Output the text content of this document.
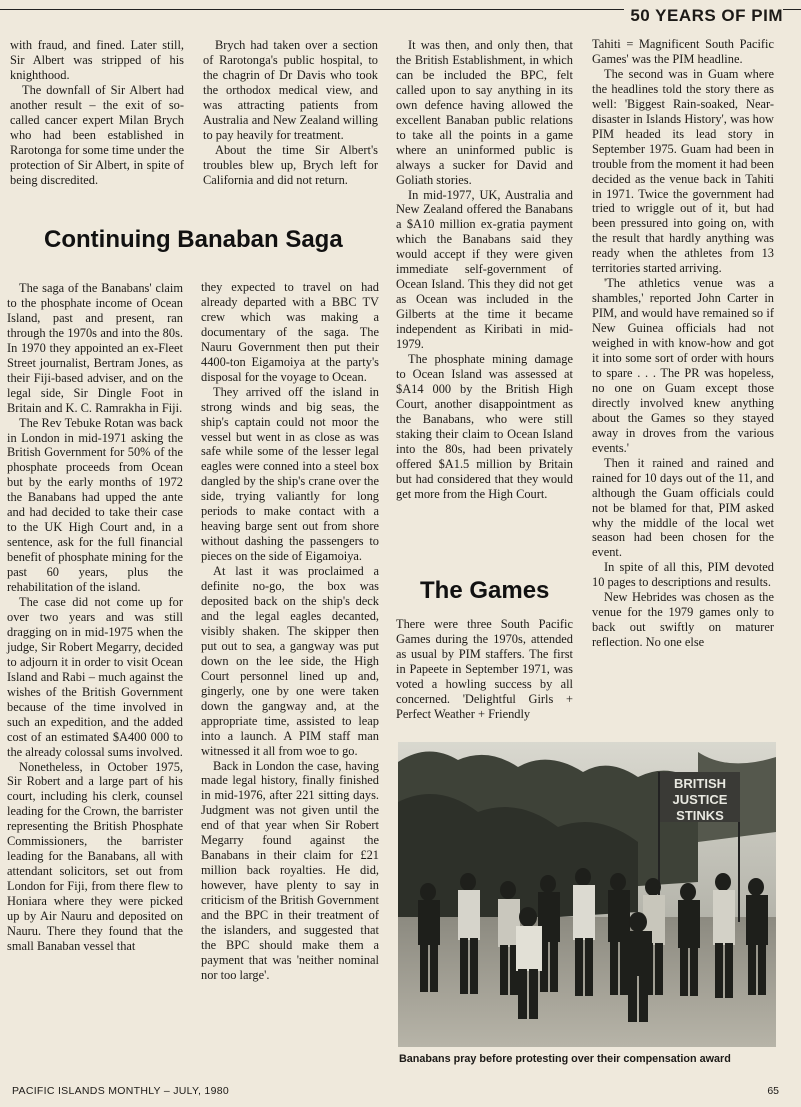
50 YEARS OF PIM

with fraud, and fined. Later still, Sir Albert was stripped of his knighthood.

The downfall of Sir Albert had another result – the exit of so-called cancer expert Milan Brych who had been established in Rarotonga for some time under the protection of Sir Albert, in spite of being discredited.

Brych had taken over a section of Rarotonga's public hospital, to the chagrin of Dr Davis who took the orthodox medical view, and was attracting patients from Australia and New Zealand willing to pay heavily for treatment.

About the time Sir Albert's troubles blew up, Brych left for California and did not return.

Continuing Banaban Saga

The saga of the Banabans' claim to the phosphate income of Ocean Island, past and present, ran through the 1970s and into the 80s. In 1970 they appointed an ex-Fleet Street journalist, Bertram Jones, as their Fiji-based adviser, and on the legal side, Sir Dingle Foot in Britain and K. C. Ramrakha in Fiji.

The Rev Tebuke Rotan was back in London in mid-1971 asking the British Government for 50% of the phosphate proceeds from Ocean but by the early months of 1972 the Banabans had upped the ante and had decided to take their case to the UK High Court and, in a sentence, ask for the full financial benefit of phosphate mining for the past 60 years, plus the rehabilitation of the island.

The case did not come up for over two years and was still dragging on in mid-1975 when the judge, Sir Robert Megarry, decided to adjourn it in order to visit Ocean Island and Rabi – much against the wishes of the British Government because of the time involved in such an expedition, and the added cost of an estimated $A400 000 to the already colossal sums involved.

Nonetheless, in October 1975, Sir Robert and a large part of his court, including his clerk, counsel leading for the Crown, the barrister representing the British Phosphate Commissioners, the barrister leading for the Banabans, all with attendant solicitors, set out from London for Fiji, from there flew to Honiara where they were picked up by Air Nauru and deposited on Nauru. There they found that the small Banaban vessel that

they expected to travel on had already departed with a BBC TV crew which was making a documentary of the saga. The Nauru Government then put their 4400-ton Eigamoiya at the party's disposal for the voyage to Ocean.

They arrived off the island in strong winds and big seas, the ship's captain could not moor the vessel but went in as close as was safe while some of the lesser legal eagles were conned into a steel box dangled by the ship's crane over the side, trying valiantly for long periods to make contact with a heaving barge sent out from shore without dashing the passengers to pieces on the side of Eigamoiya.

At last it was proclaimed a definite no-go, the box was deposited back on the ship's deck and the legal eagles decanted, visibly shaken. The skipper then put out to sea, a gangway was put down on the lee side, the High Court personnel lined up and, gingerly, one by one were taken down the gangway and, at the appropriate time, assisted to leap into a launch. A PIM staff man witnessed it all from woe to go.

Back in London the case, having made legal history, finally finished in mid-1976, after 221 sitting days. Judgment was not given until the end of that year when Sir Robert Megarry found against the Banabans in their claim for £21 million back royalties. He did, however, have plenty to say in criticism of the British Government and the BPC in their treatment of the islanders, and suggested that the BPC should make them a payment that was 'neither nominal nor too large'.

It was then, and only then, that the British Establishment, in which can be included the BPC, felt called upon to say anything in its own defence having allowed the excellent Banaban public relations to take all the points in a game where an uninformed public is always a sucker for David and Goliath stories.

In mid-1977, UK, Australia and New Zealand offered the Banabans a $A10 million ex-gratia payment which the Banabans said they would accept if they were given immediate self-government of Ocean Island. This they did not get as Ocean was included in the Gilberts at the time it became independent as Kiribati in mid-1979.

The phosphate mining damage to Ocean Island was assessed at $A14 000 by the British High Court, another disappointment as the Banabans, who were still staking their claim to Ocean Island into the 80s, had been privately offered $A1.5 million by Britain but had considered that they would get more from the High Court.

The Games

There were three South Pacific Games during the 1970s, attended as usual by PIM staffers. The first in Papeete in September 1971, was voted a howling success by all concerned. 'Delightful Girls + Perfect Weather + Friendly

Tahiti = Magnificent South Pacific Games' was the PIM headline.

The second was in Guam where the headlines told the story there as well: 'Biggest Rain-soaked, Near-disaster in Islands History', was how PIM headed its lead story in September 1975. Guam had been in trouble from the moment it had been decided as the venue back in Tahiti in 1971. Twice the government had tried to wriggle out of it, but had been pressured into going on, with the result that hardly anything was ready when the athletes from 13 territories started arriving.

'The athletics venue was a shambles,' reported John Carter in PIM, and would have remained so if New Guinea officials had not weighed in with know-how and got it into some sort of order with hours to spare . . . The PR was hopeless, no one on Guam except those directly involved knew anything about the Games so they stayed away in droves from the various events.'

Then it rained and rained and rained for 10 days out of the 11, and although the Guam officials could not be blamed for that, PIM asked why the middle of the local wet season had been chosen for the event.

In spite of all this, PIM devoted 10 pages to descriptions and results.

New Hebrides was chosen as the venue for the 1979 games only to back out swiftly on maturer reflection. No one else

BRITISH
JUSTICE
STINKS
Banabans pray before protesting over their compensation award
PACIFIC ISLANDS MONTHLY – JULY, 1980	65
